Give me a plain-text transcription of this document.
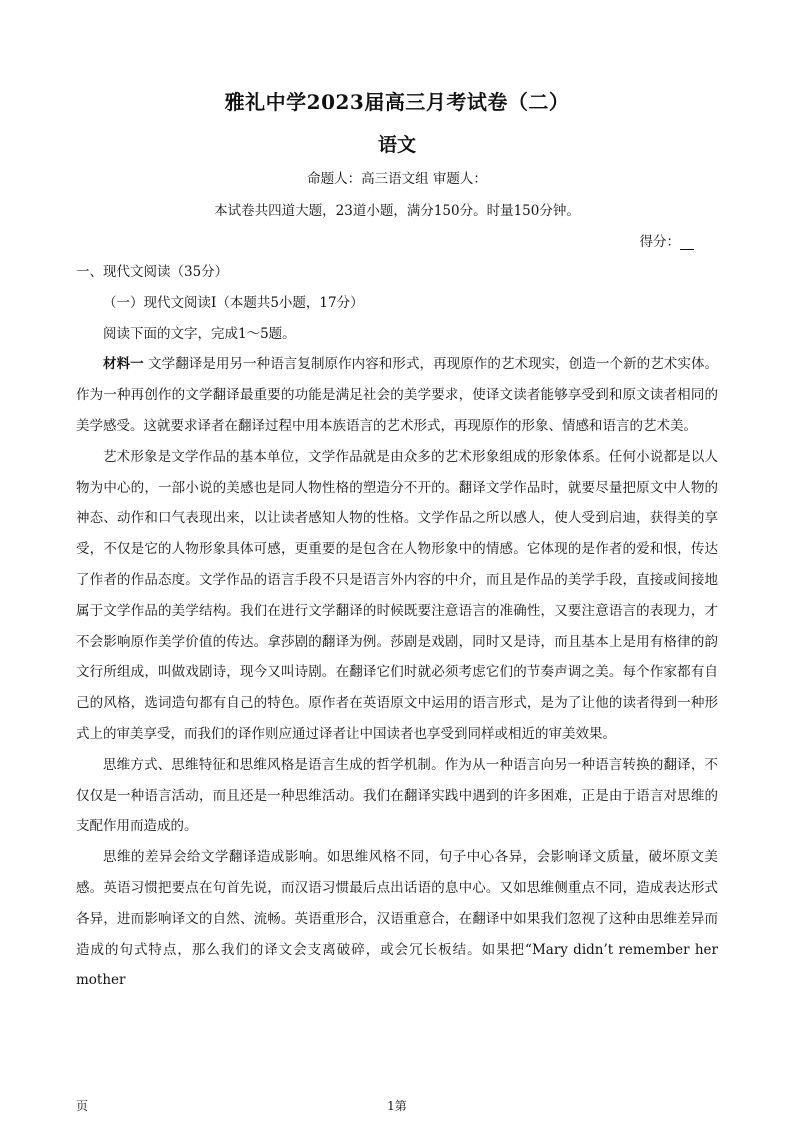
雅礼中学2023届高三月考试卷（二）
语文
命题人：高三语文组 审题人：
本试卷共四道大题，23道小题，满分150分。时量150分钟。
得分：

一、现代文阅读（35分）

（一）现代文阅读Ⅰ（本题共5小题，17分）

阅读下面的文字，完成1～5题。

材料一 文学翻译是用另一种语言复制原作内容和形式，再现原作的艺术现实，创造一个新的艺术实体。作为一种再创作的文学翻译最重要的功能是满足社会的美学要求，使译文读者能够享受到和原文读者相同的美学感受。这就要求译者在翻译过程中用本族语言的艺术形式，再现原作的形象、情感和语言的艺术美。

艺术形象是文学作品的基本单位，文学作品就是由众多的艺术形象组成的形象体系。任何小说都是以人物为中心的，一部小说的美感也是同人物性格的塑造分不开的。翻译文学作品时，就要尽量把原文中人物的神态、动作和口气表现出来，以让读者感知人物的性格。文学作品之所以感人，使人受到启迪，获得美的享受，不仅是它的人物形象具体可感，更重要的是包含在人物形象中的情感。它体现的是作者的爱和恨，传达了作者的作品态度。文学作品的语言手段不只是语言外内容的中介，而且是作品的美学手段，直接或间接地属于文学作品的美学结构。我们在进行文学翻译的时候既要注意语言的准确性，又要注意语言的表现力，才不会影响原作美学价值的传达。拿莎剧的翻译为例。莎剧是戏剧，同时又是诗，而且基本上是用有格律的韵文行所组成，叫做戏剧诗，现今又叫诗剧。在翻译它们时就必须考虑它们的节奏声调之美。每个作家都有自己的风格，选词造句都有自己的特色。原作者在英语原文中运用的语言形式，是为了让他的读者得到一种形式上的审美享受，而我们的译作则应通过译者让中国读者也享受到同样或相近的审美效果。

思维方式、思维特征和思维风格是语言生成的哲学机制。作为从一种语言向另一种语言转换的翻译，不仅仅是一种语言活动，而且还是一种思维活动。我们在翻译实践中遇到的许多困难，正是由于语言对思维的支配作用而造成的。

思维的差异会给文学翻译造成影响。如思维风格不同，句子中心各异，会影响译文质量，破坏原文美感。英语习惯把要点在句首先说，而汉语习惯最后点出话语的息中心。又如思维侧重点不同，造成表达形式各异，进而影响译文的自然、流畅。英语重形合，汉语重意合，在翻译中如果我们忽视了这种由思维差异而造成的句式特点，那么我们的译文会支离破碎，或会冗长板结。如果把“Mary didn’t remember her mother

页	1第
